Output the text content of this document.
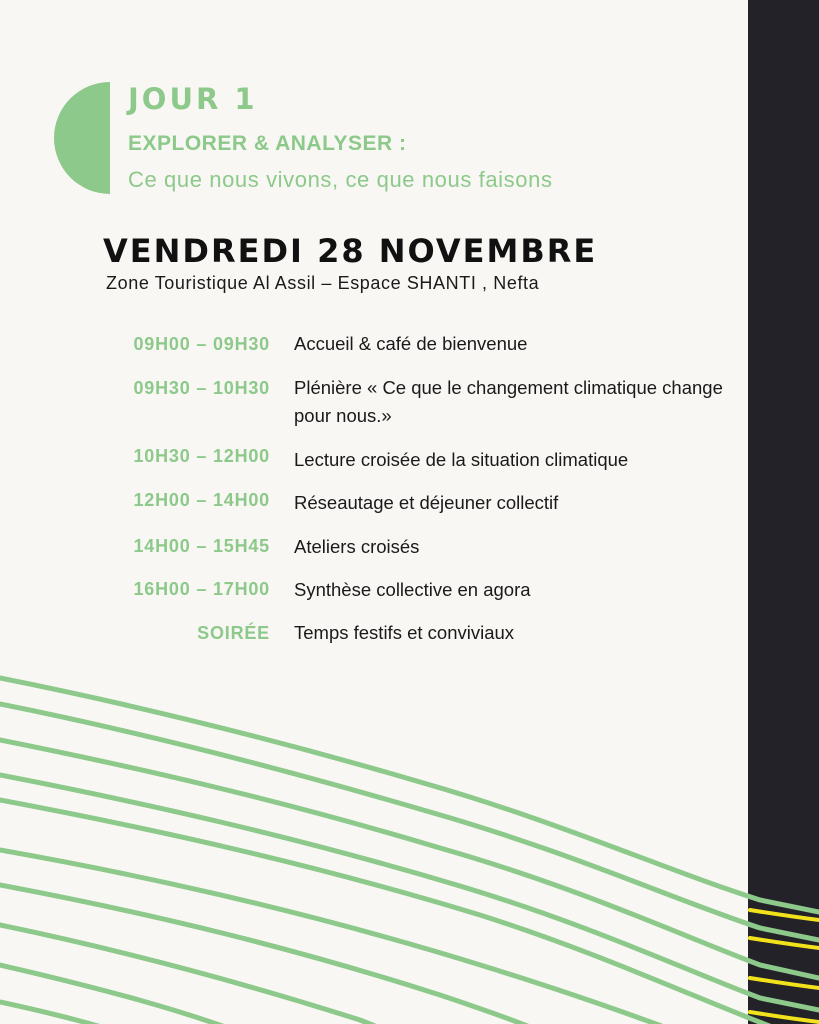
JOUR 1
EXPLORER & ANALYSER :
Ce que nous vivons, ce que nous faisons
VENDREDI 28 NOVEMBRE
Zone Touristique Al Assil – Espace SHANTI , Nefta
09H00 – 09H30 Accueil & café de bienvenue
09H30 – 10H30 Plénière « Ce que le changement climatique change pour nous.»
10H30 – 12H00 Lecture croisée de la situation climatique
12H00 – 14H00 Réseautage et déjeuner collectif
14H00 – 15H45 Ateliers croisés
16H00 – 17H00 Synthèse collective en agora
SOIRÉE Temps festifs et conviviaux
